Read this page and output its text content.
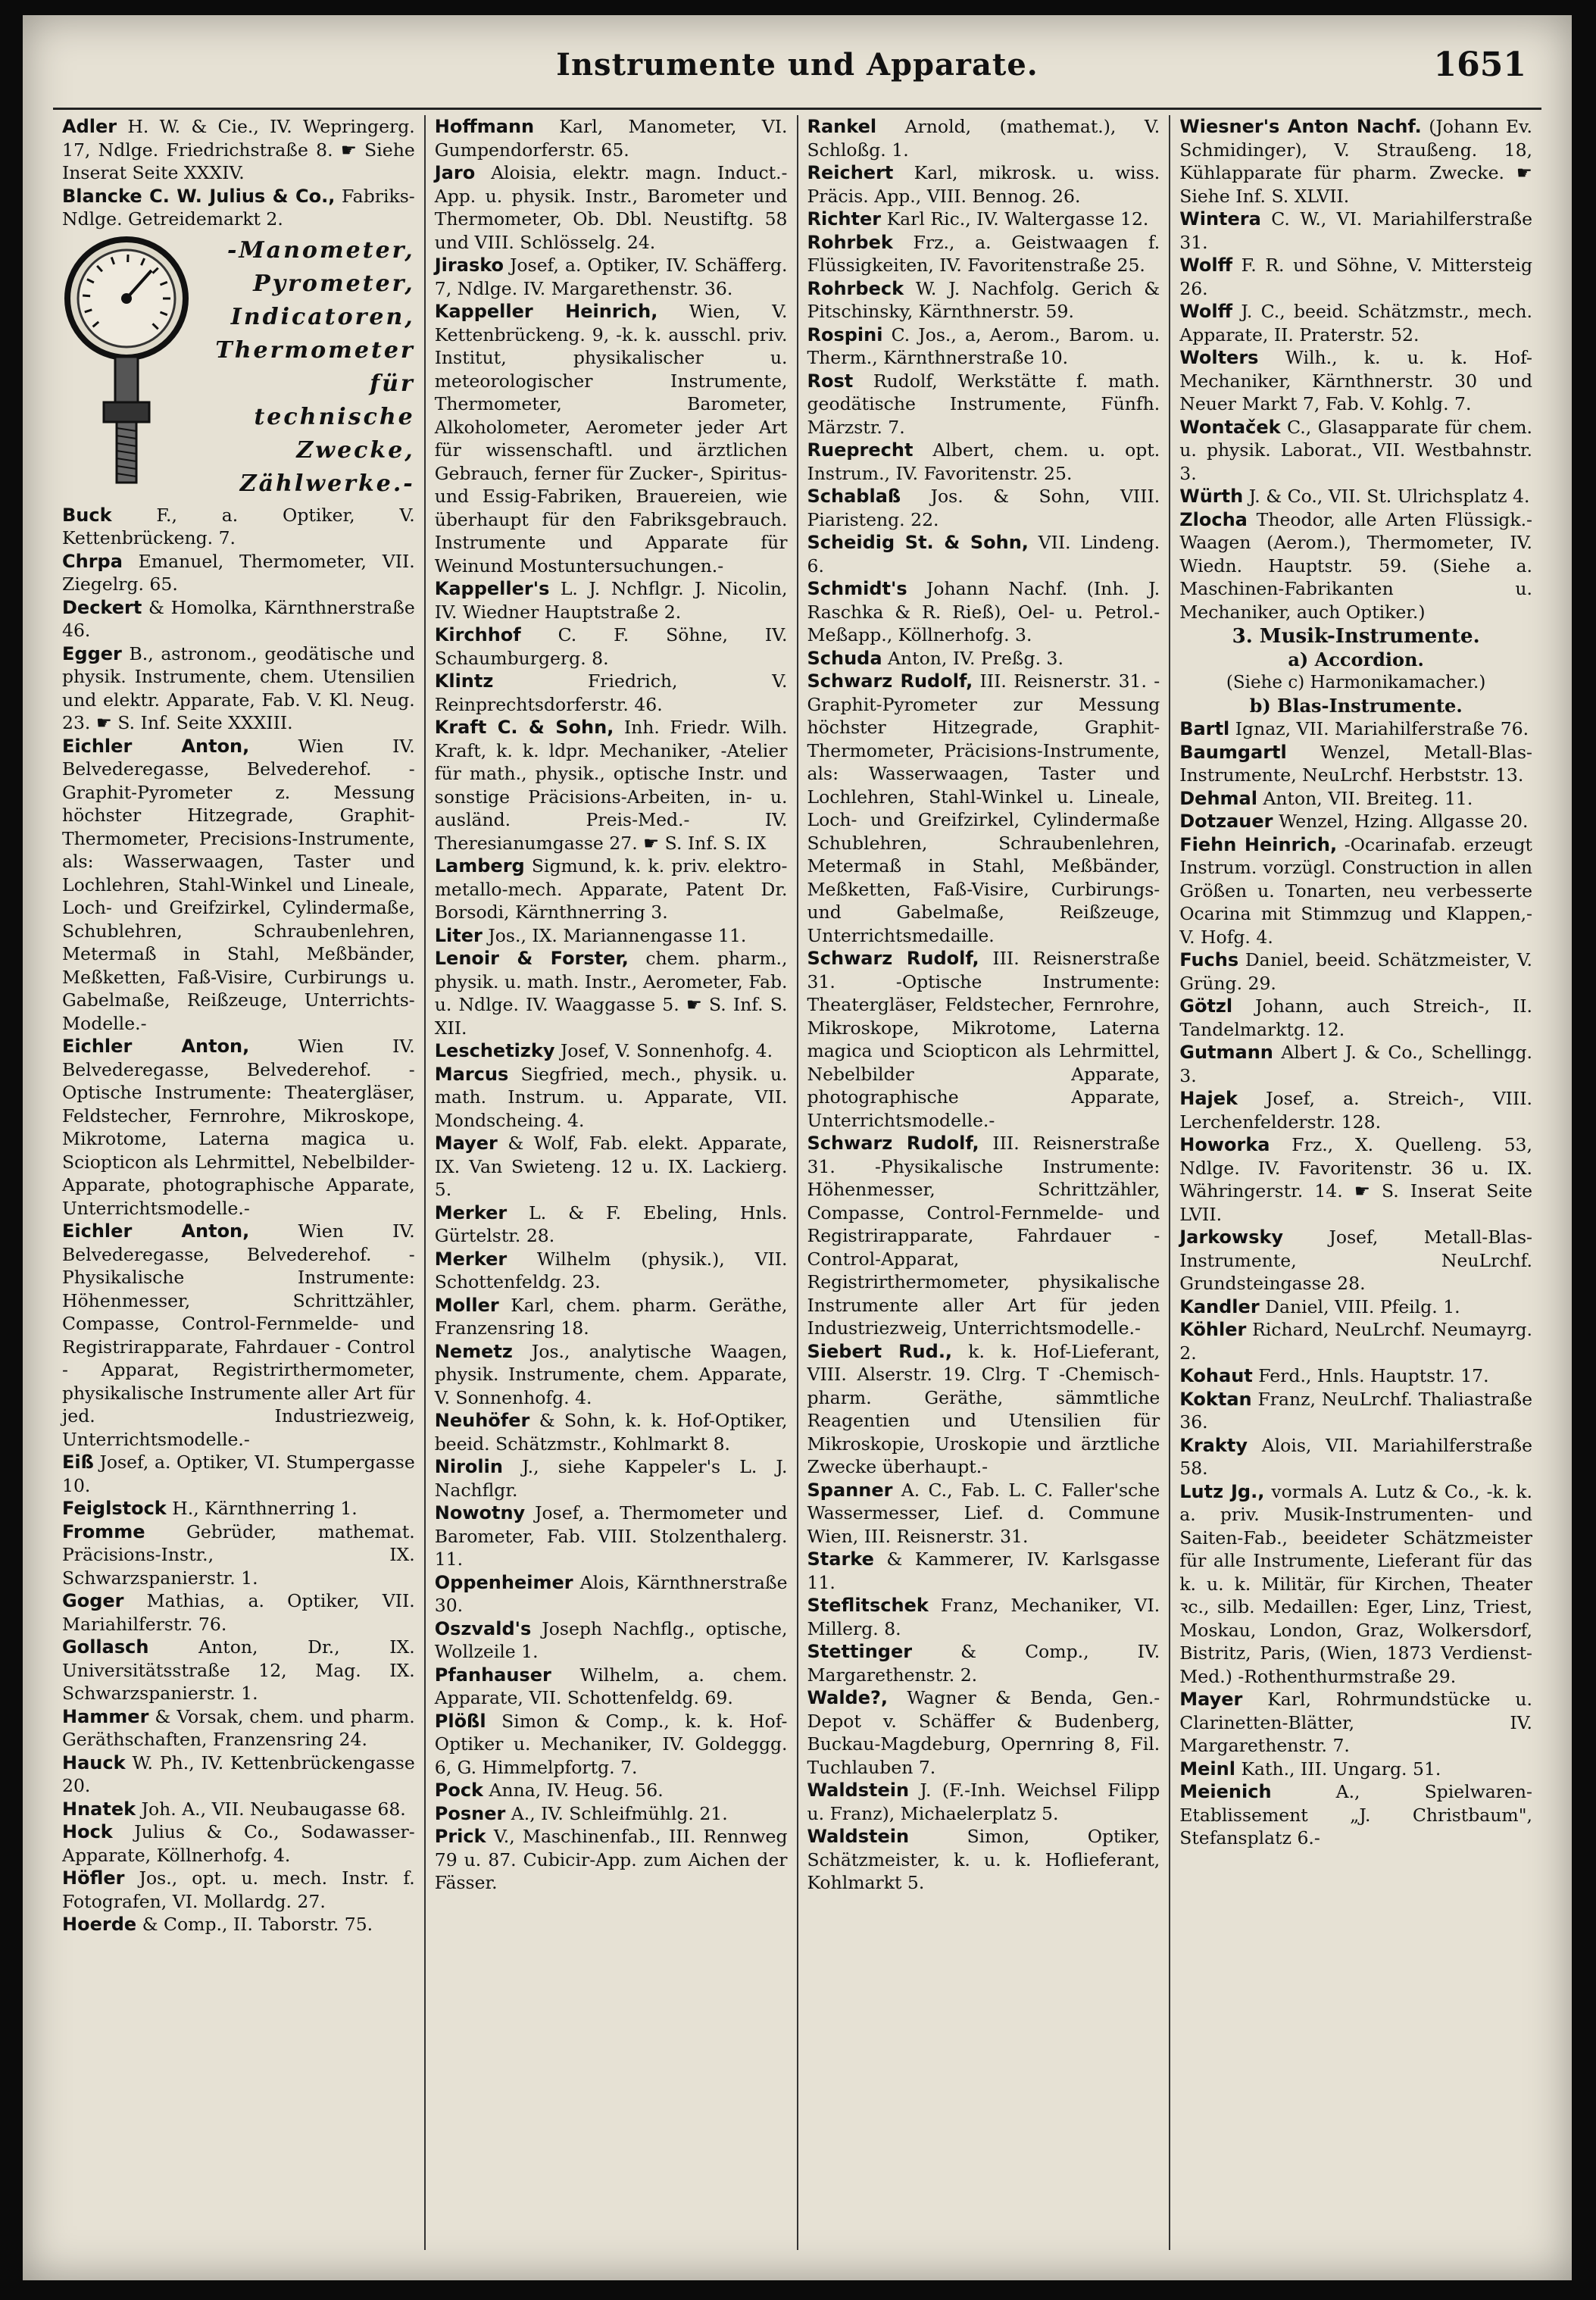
Instrumente und Apparate.	1651

Adler H. W. & Cie., IV. Wepringerg. 17, Ndlge. Friedrichstraße 8. ☛ Siehe Inserat Seite XXXIV.

Blancke C. W. Julius & Co., Fabriks-Ndlge. Getreidemarkt 2.

-Manometer,
Pyrometer,
Indicatoren,
Thermometer
für
technische
Zwecke,
Zählwerke.-

Buck	F., a. Optiker, V. Kettenbrückeng. 7.

Chrpa Emanuel, Thermometer, VII. Ziegelrg. 65.

Deckert & Homolka, Kärnthnerstraße 46.

Egger B., astronom., geodätische und physik. Instrumente, chem. Utensilien und elektr. Apparate, Fab. V. Kl. Neug. 23. ☛ S. Inf. Seite XXXIII.

Eichler Anton,	Wien IV. Belvederegasse, Belvederehof. -Graphit-Pyrometer z. Messung höchster Hitzegrade, Graphit-Thermometer, Precisions-Instrumente, als: Wasserwaagen, Taster und Lochlehren, Stahl-Winkel und Lineale, Loch- und Greifzirkel, Cylindermaße, Schublehren, Schraubenlehren, Metermaß in Stahl, Meßbänder, Meßketten, Faß-Visire, Curbirungs u. Gabelmaße, Reißzeuge, Unterrichts-Modelle.-

Eichler Anton,	Wien IV. Belvederegasse, Belvederehof. -Optische Instrumente: Theatergläser, Feldstecher, Fernrohre, Mikroskope, Mikrotome, Laterna magica u. Sciopticon als Lehrmittel, Nebelbilder-Apparate, photographische Apparate, Unterrichtsmodelle.-

Eichler Anton,	Wien IV. Belvederegasse, Belvederehof. -Physikalische Instrumente: Höhenmesser, Schrittzähler, Compasse, Control-Fernmelde- und Registrirapparate, Fahrdauer - Control - Apparat, Registrirthermometer, physikalische Instrumente aller Art für jed. Industriezweig, Unterrichtsmodelle.-

Eiß Josef, a. Optiker, VI. Stumpergasse 10.

Feiglstock H., Kärnthnerring 1.

Fromme Gebrüder, mathemat. Präcisions-Instr., IX. Schwarzspanierstr. 1.

Goger Mathias, a. Optiker, VII. Mariahilferstr. 76.

Gollasch	Anton, Dr., IX. Universitätsstraße 12, Mag. IX. Schwarzspanierstr. 1.

Hammer & Vorsak, chem. und pharm. Geräthschaften, Franzensring 24.

Hauck W. Ph., IV. Kettenbrückengasse 20.

Hnatek Joh. A., VII. Neubaugasse 68.

Hock Julius & Co., Sodawasser-Apparate, Köllnerhofg. 4.

Höfler Jos., opt. u. mech. Instr. f. Fotografen, VI. Mollardg. 27.

Hoerde & Comp., II. Taborstr. 75.

Hoffmann Karl, Manometer, VI. Gumpendorferstr. 65.

Jaro Aloisia, elektr. magn. Induct.-App. u. physik. Instr., Barometer und Thermometer, Ob. Dbl. Neustiftg. 58 und VIII. Schlösselg. 24.

Jirasko Josef, a. Optiker, IV. Schäfferg. 7, Ndlge. IV. Margarethenstr. 36.

Kappeller Heinrich, Wien, V. Kettenbrückeng. 9, -k. k. ausschl. priv. Institut, physikalischer u. meteorologischer Instrumente, Thermometer, Barometer, Alkoholometer, Aerometer jeder Art für wissenschaftl. und ärztlichen Gebrauch, ferner für Zucker-, Spiritus- und Essig-Fabriken, Brauereien, wie überhaupt für den Fabriksgebrauch. Instrumente und Apparate für Weinund Mostuntersuchungen.-

Kappeller's L. J. Nchflgr. J. Nicolin, IV. Wiedner Hauptstraße 2.

Kirchhof C. F. Söhne, IV. Schaumburgerg. 8.

Klintz	Friedrich, V. Reinprechtsdorferstr. 46.

Kraft C. & Sohn, Inh. Friedr. Wilh. Kraft, k. k. ldpr. Mechaniker, -Atelier für math., physik., optische Instr. und sonstige Präcisions-Arbeiten, in- u. ausländ. Preis-Med.- IV. Theresianumgasse 27. ☛ S. Inf. S. IX

Lamberg Sigmund, k. k. priv. elektro-metallo-mech. Apparate, Patent Dr. Borsodi, Kärnthnerring 3.

Liter Jos., IX. Mariannengasse 11.

Lenoir & Forster, chem. pharm., physik. u. math. Instr., Aerometer, Fab. u. Ndlge. IV. Waaggasse 5. ☛ S. Inf. S. XII.

Leschetizky Josef, V. Sonnenhofg. 4.

Marcus Siegfried, mech., physik. u. math. Instrum. u. Apparate, VII. Mondscheing. 4.

Mayer & Wolf, Fab. elekt. Apparate, IX. Van Swieteng. 12 u. IX. Lackierg. 5.

Merker L. & F. Ebeling, Hnls. Gürtelstr. 28.

Merker Wilhelm (physik.), VII. Schottenfeldg. 23.

Moller Karl, chem. pharm. Geräthe, Franzensring 18.

Nemetz Jos., analytische Waagen, physik. Instrumente, chem. Apparate, V. Sonnenhofg. 4.

Neuhöfer & Sohn, k. k. Hof-Optiker, beeid. Schätzmstr., Kohlmarkt 8.

Nirolin J., siehe Kappeler's L. J. Nachflgr.

Nowotny Josef, a. Thermometer und Barometer, Fab. VIII. Stolzenthalerg. 11.

Oppenheimer Alois, Kärnthnerstraße 30.

Oszvald's Joseph Nachflg., optische, Wollzeile 1.

Pfanhauser Wilhelm, a. chem. Apparate, VII. Schottenfeldg. 69.

Plößl Simon & Comp., k. k. Hof-Optiker u. Mechaniker, IV. Goldeggg. 6, G. Himmelpfortg. 7.

Pock Anna, IV. Heug. 56.

Posner A., IV. Schleifmühlg. 21.

Prick V., Maschinenfab., III. Rennweg 79 u. 87. Cubicir-App. zum Aichen der Fässer.

Rankel Arnold, (mathemat.), V. Schloßg. 1.

Reichert Karl, mikrosk. u. wiss. Präcis. App., VIII. Bennog. 26.

Richter Karl Ric., IV. Waltergasse 12.

Rohrbek Frz., a. Geistwaagen f. Flüssigkeiten, IV. Favoritenstraße 25.

Rohrbeck W. J. Nachfolg. Gerich & Pitschinsky, Kärnthnerstr. 59.

Rospini C. Jos., a, Aerom., Barom. u. Therm., Kärnthnerstraße 10.

Rost Rudolf, Werkstätte f. math. geodätische Instrumente, Fünfh. Märzstr. 7.

Rueprecht Albert, chem. u. opt. Instrum., IV. Favoritenstr. 25.

Schablaß Jos. & Sohn, VIII. Piaristeng. 22.

Scheidig St. & Sohn, VII. Lindeng. 6.

Schmidt's Johann Nachf. (Inh. J. Raschka & R. Rieß), Oel- u. Petrol.-Meßapp., Köllnerhofg. 3.

Schuda Anton, IV. Preßg. 3.

Schwarz Rudolf, III. Reisnerstr. 31. -Graphit-Pyrometer zur Messung höchster Hitzegrade, Graphit-Thermometer, Präcisions-Instrumente, als: Wasserwaagen, Taster und Lochlehren, Stahl-Winkel u. Lineale, Loch- und Greifzirkel, Cylindermaße Schublehren, Schraubenlehren, Metermaß in Stahl, Meßbänder, Meßketten, Faß-Visire, Curbirungs- und Gabelmaße, Reißzeuge, Unterrichtsmedaille.

Schwarz Rudolf, III. Reisnerstraße 31. -Optische Instrumente: Theatergläser, Feldstecher, Fernrohre, Mikroskope, Mikrotome, Laterna magica und Sciopticon als Lehrmittel, Nebelbilder Apparate, photographische Apparate, Unterrichtsmodelle.-

Schwarz Rudolf, III. Reisnerstraße 31. -Physikalische Instrumente: Höhenmesser, Schrittzähler, Compasse, Control-Fernmelde- und Registrirapparate, Fahrdauer - Control-Apparat, Registrirthermometer, physikalische Instrumente aller Art für jeden Industriezweig, Unterrichtsmodelle.-

Siebert Rud., k. k. Hof-Lieferant, VIII. Alserstr. 19. Clrg. T -Chemisch-pharm. Geräthe, sämmtliche Reagentien und Utensilien für Mikroskopie, Uroskopie und ärztliche Zwecke überhaupt.-

Spanner A. C., Fab. L. C. Faller'sche Wassermesser, Lief. d. Commune Wien, III. Reisnerstr. 31.

Starke & Kammerer, IV. Karlsgasse 11.

Steflitschek Franz, Mechaniker, VI. Millerg. 8.

Stettinger	& Comp., IV. Margarethenstr. 2.

Walde?, Wagner & Benda, Gen.-Depot v. Schäffer & Budenberg, Buckau-Magdeburg, Opernring 8, Fil. Tuchlauben 7.

Waldstein J. (F.-Inh. Weichsel Filipp u. Franz), Michaelerplatz 5.

Waldstein	Simon, Optiker, Schätzmeister, k. u. k. Hoflieferant, Kohlmarkt 5.

Wiesner's Anton Nachf. (Johann Ev. Schmidinger), V. Straußeng. 18, Kühlapparate für pharm. Zwecke. ☛ Siehe Inf. S. XLVII.

Wintera C. W., VI. Mariahilferstraße 31.

Wolff F. R. und Söhne, V. Mittersteig 26.

Wolff J. C., beeid. Schätzmstr., mech. Apparate, II. Praterstr. 52.

Wolters Wilh., k. u. k. Hof-Mechaniker, Kärnthnerstr. 30 und Neuer Markt 7, Fab. V. Kohlg. 7.

Wontaček C., Glasapparate für chem. u. physik. Laborat., VII. Westbahnstr. 3.

Würth J. & Co., VII. St. Ulrichsplatz 4.

Zlocha Theodor, alle Arten Flüssigk.-Waagen (Aerom.), Thermometer, IV. Wiedn. Hauptstr. 59. (Siehe a. Maschinen-Fabrikanten u. Mechaniker, auch Optiker.)

3. Musik-Instrumente.
a) Accordion.
(Siehe c) Harmonikamacher.)
b) Blas-Instrumente.

Bartl Ignaz, VII. Mariahilferstraße 76.

Baumgartl Wenzel, Metall-Blas-Instrumente, NeuLrchf. Herbststr. 13.

Dehmal Anton, VII. Breiteg. 11.

Dotzauer Wenzel, Hzing. Allgasse 20.

Fiehn Heinrich, -Ocarinafab. erzeugt Instrum. vorzügl. Construction in allen Größen u. Tonarten, neu verbesserte Ocarina mit Stimmzug und Klappen,- V. Hofg. 4.

Fuchs Daniel, beeid. Schätzmeister, V. Grüng. 29.

Götzl Johann, auch Streich-, II. Tandelmarktg. 12.

Gutmann Albert J. & Co., Schellingg. 3.

Hajek Josef, a. Streich-, VIII. Lerchenfelderstr. 128.

Howorka Frz., X. Quelleng. 53, Ndlge. IV. Favoritenstr. 36 u. IX. Währingerstr. 14. ☛ S. Inserat Seite LVII.

Jarkowsky	Josef, Metall-Blas-Instrumente, NeuLrchf. Grundsteingasse 28.

Kandler Daniel, VIII. Pfeilg. 1.

Köhler Richard, NeuLrchf. Neumayrg. 2.

Kohaut Ferd., Hnls. Hauptstr. 17.

Koktan Franz, NeuLrchf. Thaliastraße 36.

Krakty Alois, VII. Mariahilferstraße 58.

Lutz Jg., vormals A. Lutz & Co., -k. k. a. priv. Musik-Instrumenten- und Saiten-Fab., beeideter Schätzmeister für alle Instrumente, Lieferant für das k. u. k. Militär, für Kirchen, Theater ꝛc., silb. Medaillen: Eger, Linz, Triest, Moskau, London, Graz, Wolkersdorf, Bistritz, Paris, (Wien, 1873 Verdienst-Med.) -Rothenthurmstraße 29.

Mayer Karl, Rohrmundstücke u. Clarinetten-Blätter, IV. Margarethenstr. 7.

Meinl Kath., III. Ungarg. 51.

Meienich	A., Spielwaren-Etablissement „J. Christbaum", Stefansplatz 6.-
